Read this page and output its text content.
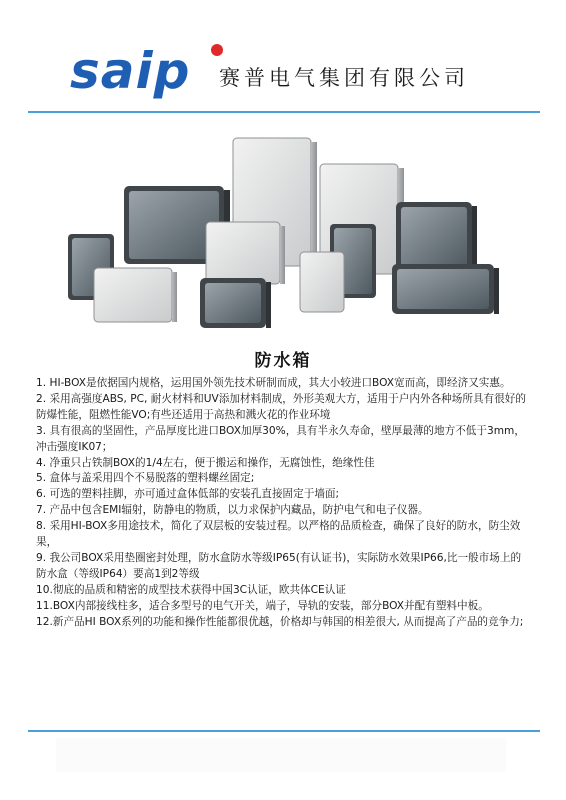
saip 赛普电气集团有限公司
防水箱
1. HI-BOX是依据国内规格，运用国外领先技术研制而成，其大小较进口BOX宽而高，即经济又实惠。
2. 采用高强度ABS, PC, 耐火材料和UV添加材料制成，外形美观大方，适用于户内外各种场所具有很好的防爆性能，阻燃性能VO;有些还适用于高热和溅火花的作业环境
3. 具有很高的坚固性，产品厚度比进口BOX加厚30%，具有半永久寿命，壁厚最薄的地方不低于3mm，冲击强度IK07；
4. 净重只占铁制BOX的1/4左右，便于搬运和操作，无腐蚀性，绝缘性佳
5. 盒体与盖采用四个不易脱落的塑料螺丝固定;
6. 可选的塑料挂脚，亦可通过盒体低部的安装孔直接固定于墙面;
7. 产品中包含EMI辐射，防静电的物质，以力求保护内藏品，防护电气和电子仪器。
8. 采用HI-BOX多用途技术，简化了双层板的安装过程。以严格的品质检查，确保了良好的防水，防尘效果，
9. 我公司BOX采用垫圈密封处理，防水盒防水等级IP65(有认证书)，实际防水效果IP66,比一般市场上的防水盒（等级IP64）要高1到2等级
10.彻底的品质和精密的成型技术获得中国3C认证，欧共体CE认证
11.BOX内部接线柱多，适合多型号的电气开关，端子，导轨的安装，部分BOX并配有塑料中板。
12.新产品HI BOX系列的功能和操作性能都很优越，价格却与韩国的相差很大, 从而提高了产品的竞争力;
